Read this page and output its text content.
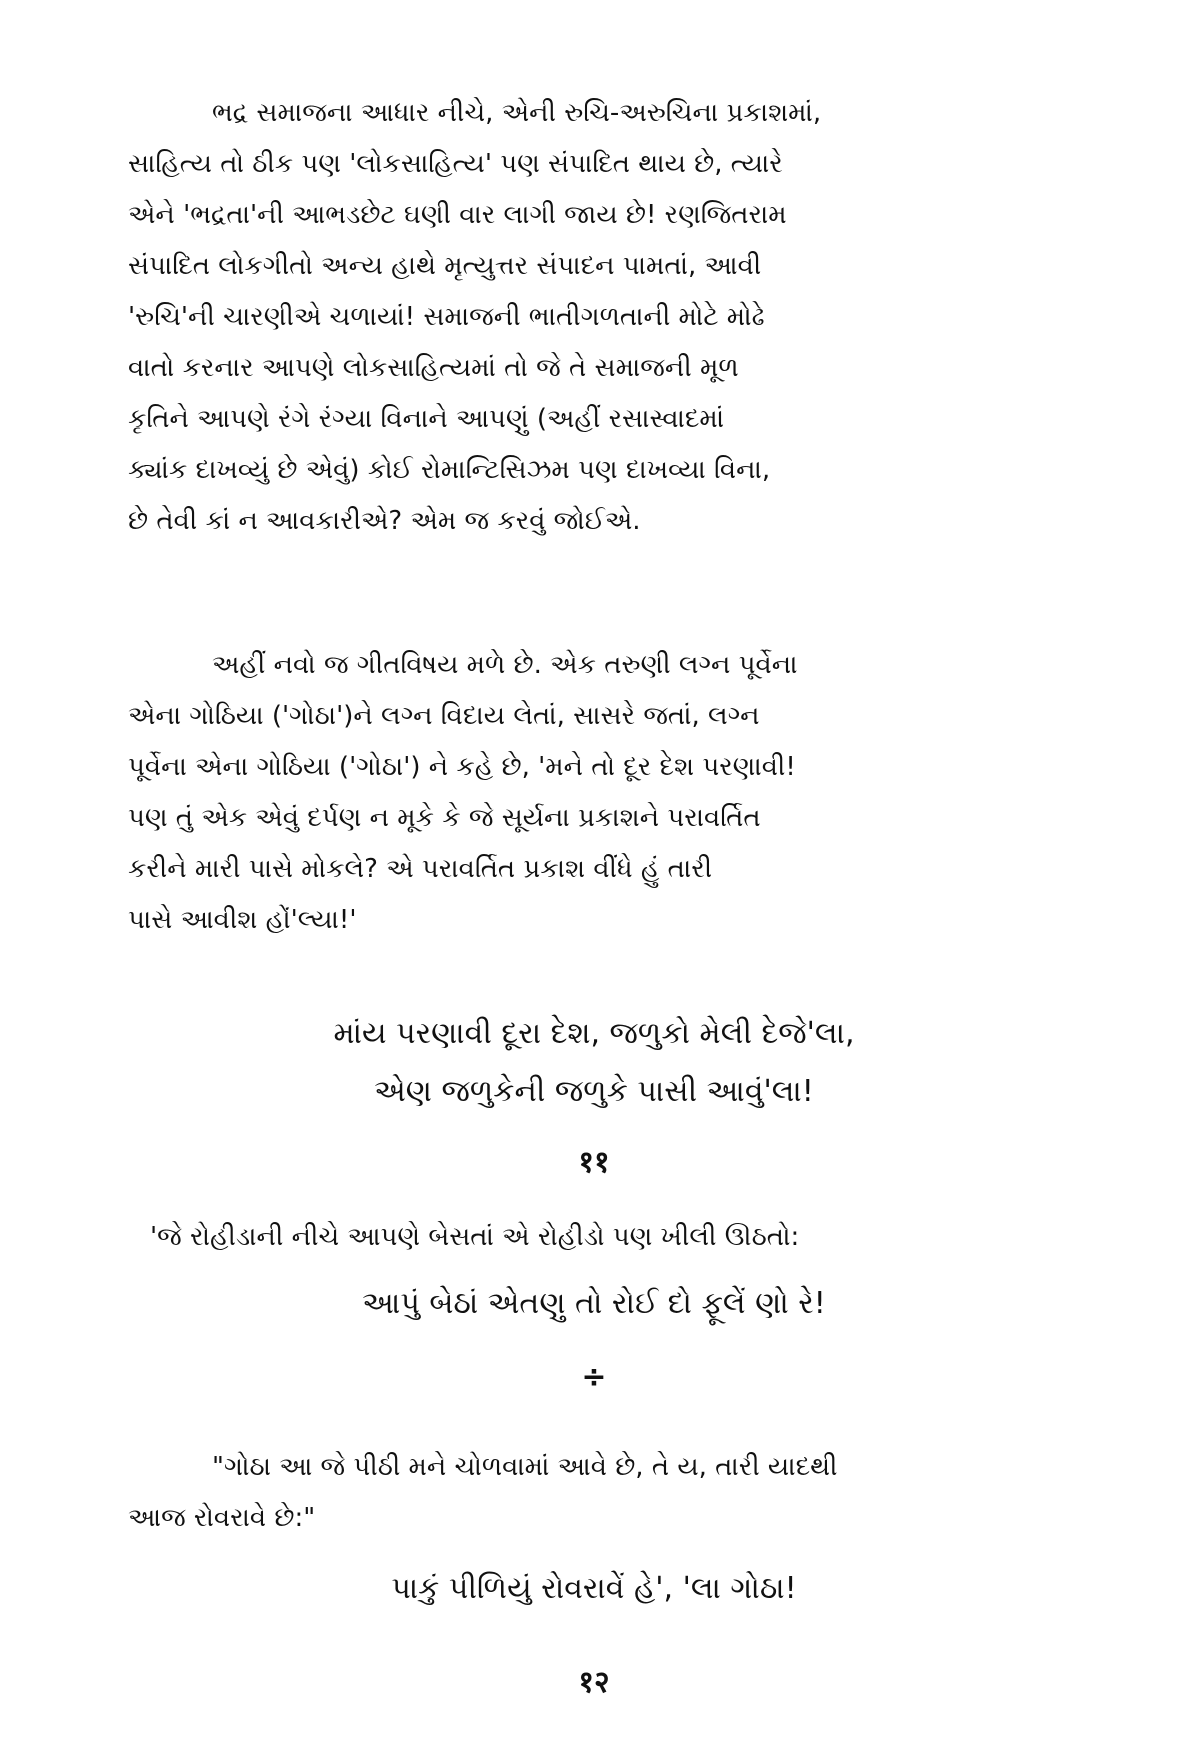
ભદ્ર સમાજના આધાર નીચે, એની રુચિ-અરુચિના પ્રકાશમાં,

સાહિત્ય તો ઠીક પણ 'લોકસાહિત્ય' પણ સંપાદિત થાય છે, ત્યારે

એને 'ભદ્રતા'ની આભડછેટ ઘણી વાર લાગી જાય છે! રણજિતરામ

સંપાદિત લોકગીતો અન્ય હાથે મૃત્યુત્તર સંપાદન પામતાં, આવી

'રુચિ'ની ચારણીએ ચળાયાં! સમાજની ભાતીગળતાની મોટે મોઢે

વાતો કરનાર આપણે લોકસાહિત્યમાં તો જે તે સમાજની મૂળ

કૃતિને આપણે રંગે રંગ્યા વિનાને આપણું (અહીં રસાસ્વાદમાં

ક્યાંક દાખવ્યું છે એવું) કોઈ રોમાન્ટિસિઝમ પણ દાખવ્યા વિના,

છે તેવી કાં ન આવકારીએ? એમ જ કરવું જોઈએ.

અહીં નવો જ ગીતવિષય મળે છે. એક તરુણી લગ્ન પૂર્વેના

એના ગોઠિયા ('ગોઠા')ને લગ્ન વિદાય લેતાં, સાસરે જતાં, લગ્ન

પૂર્વેના એના ગોઠિયા ('ગોઠા') ને કહે છે, 'મને તો દૂર દેશ પરણાવી!

પણ તું એક એવું દર્પણ ન મૂકે કે જે સૂર્યના પ્રકાશને પરાવર્તિત

કરીને મારી પાસે મોકલે? એ પરાવર્તિત પ્રકાશ વીંધે હું તારી

પાસે આવીશ હોં'લ્યા!'

માંય પરણાવી દૂરા દેશ, જળુકો મેલી દેજે'લા,
એણ જળુકેની જળુકે પાસી આવું'લા!
११
'જે રોહીડાની નીચે આપણે બેસતાં એ રોહીડો પણ ખીલી ઊઠતો:
આપું બેઠાં એતણુ તો રોઈ દો ફૂલેં ણો રે!
÷

"ગોઠા આ જે પીઠી મને ચોળવામાં આવે છે, તે ય, તારી યાદથી

આજ રોવરાવે છે:"

પાકું પીળિયું રોવરાવેં હે', 'લા ગોઠા!
१२
